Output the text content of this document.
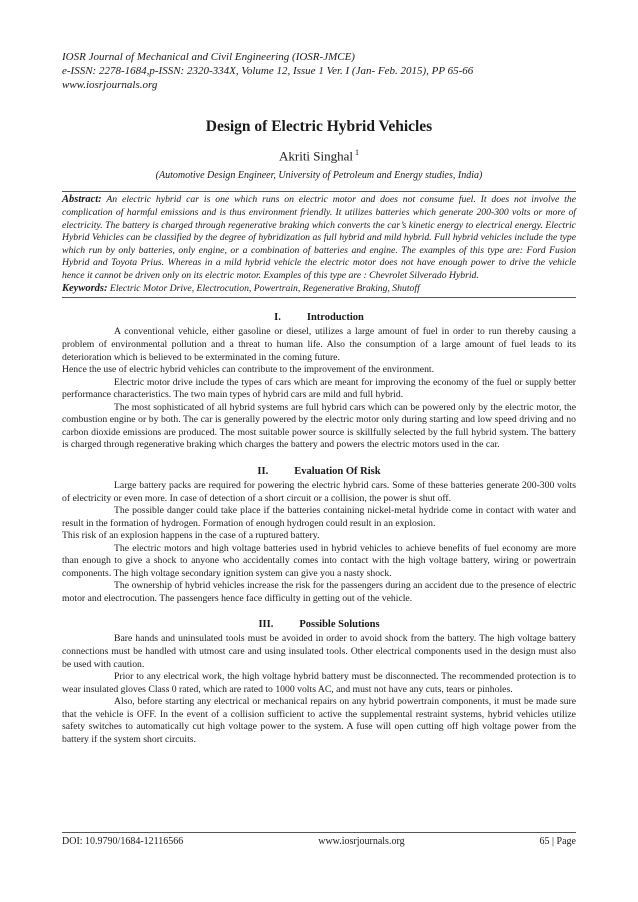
IOSR Journal of Mechanical and Civil Engineering (IOSR-JMCE)
e-ISSN: 2278-1684,p-ISSN: 2320-334X, Volume 12, Issue 1 Ver. I (Jan- Feb. 2015), PP 65-66
www.iosrjournals.org
Design of Electric Hybrid Vehicles
Akriti Singhal $^1$
(Automotive Design Engineer, University of Petroleum and Energy studies, India)
Abstract: An electric hybrid car is one which runs on electric motor and does not consume fuel. It does not involve the complication of harmful emissions and is thus environment friendly. It utilizes batteries which generate 200-300 volts or more of electricity. The battery is charged through regenerative braking which converts the car’s kinetic energy to electrical energy. Electric Hybrid Vehicles can be classified by the degree of hybridization as full hybrid and mild hybrid. Full hybrid vehicles include the type which run by only batteries, only engine, or a combination of batteries and engine. The examples of this type are: Ford Fusion Hybrid and Toyota Prius. Whereas in a mild hybrid vehicle the electric motor does not have enough power to drive the vehicle hence it cannot be driven only on its electric motor. Examples of this type are : Chevrolet Silverado Hybrid.
Keywords: Electric Motor Drive, Electrocution, Powertrain, Regenerative Braking, Shutoff
I. Introduction

A conventional vehicle, either gasoline or diesel, utilizes a large amount of fuel in order to run thereby causing a problem of environmental pollution and a threat to human life. Also the consumption of a large amount of fuel leads to its deterioration which is believed to be exterminated in the coming future.

Hence the use of electric hybrid vehicles can contribute to the improvement of the environment.

Electric motor drive include the types of cars which are meant for improving the economy of the fuel or supply better performance characteristics. The two main types of hybrid cars are mild and full hybrid.

The most sophisticated of all hybrid systems are full hybrid cars which can be powered only by the electric motor, the combustion engine or by both. The car is generally powered by the electric motor only during starting and low speed driving and no carbon dioxide emissions are produced. The most suitable power source is skillfully selected by the full hybrid system. The battery is charged through regenerative braking which charges the battery and powers the electric motors used in the car.

II. Evaluation Of Risk

Large battery packs are required for powering the electric hybrid cars. Some of these batteries generate 200-300 volts of electricity or even more. In case of detection of a short circuit or a collision, the power is shut off.

The possible danger could take place if the batteries containing nickel-metal hydride come in contact with water and result in the formation of hydrogen. Formation of enough hydrogen could result in an explosion.

This risk of an explosion happens in the case of a ruptured battery.

The electric motors and high voltage batteries used in hybrid vehicles to achieve benefits of fuel economy are more than enough to give a shock to anyone who accidentally comes into contact with the high voltage battery, wiring or powertrain components. The high voltage secondary ignition system can give you a nasty shock.

The ownership of hybrid vehicles increase the risk for the passengers during an accident due to the presence of electric motor and electrocution. The passengers hence face difficulty in getting out of the vehicle.

III. Possible Solutions

Bare hands and uninsulated tools must be avoided in order to avoid shock from the battery. The high voltage battery connections must be handled with utmost care and using insulated tools. Other electrical components used in the design must also be used with caution.

Prior to any electrical work, the high voltage hybrid battery must be disconnected. The recommended protection is to wear insulated gloves Class 0 rated, which are rated to 1000 volts AC, and must not have any cuts, tears or pinholes.

Also, before starting any electrical or mechanical repairs on any hybrid powertrain components, it must be made sure that the vehicle is OFF. In the event of a collision sufficient to active the supplemental restraint systems, hybrid vehicles utilize safety switches to automatically cut high voltage power to the system. A fuse will open cutting off high voltage power from the battery if the system short circuits.

DOI: 10.9790/1684-12116566	www.iosrjournals.org	65 | Page
